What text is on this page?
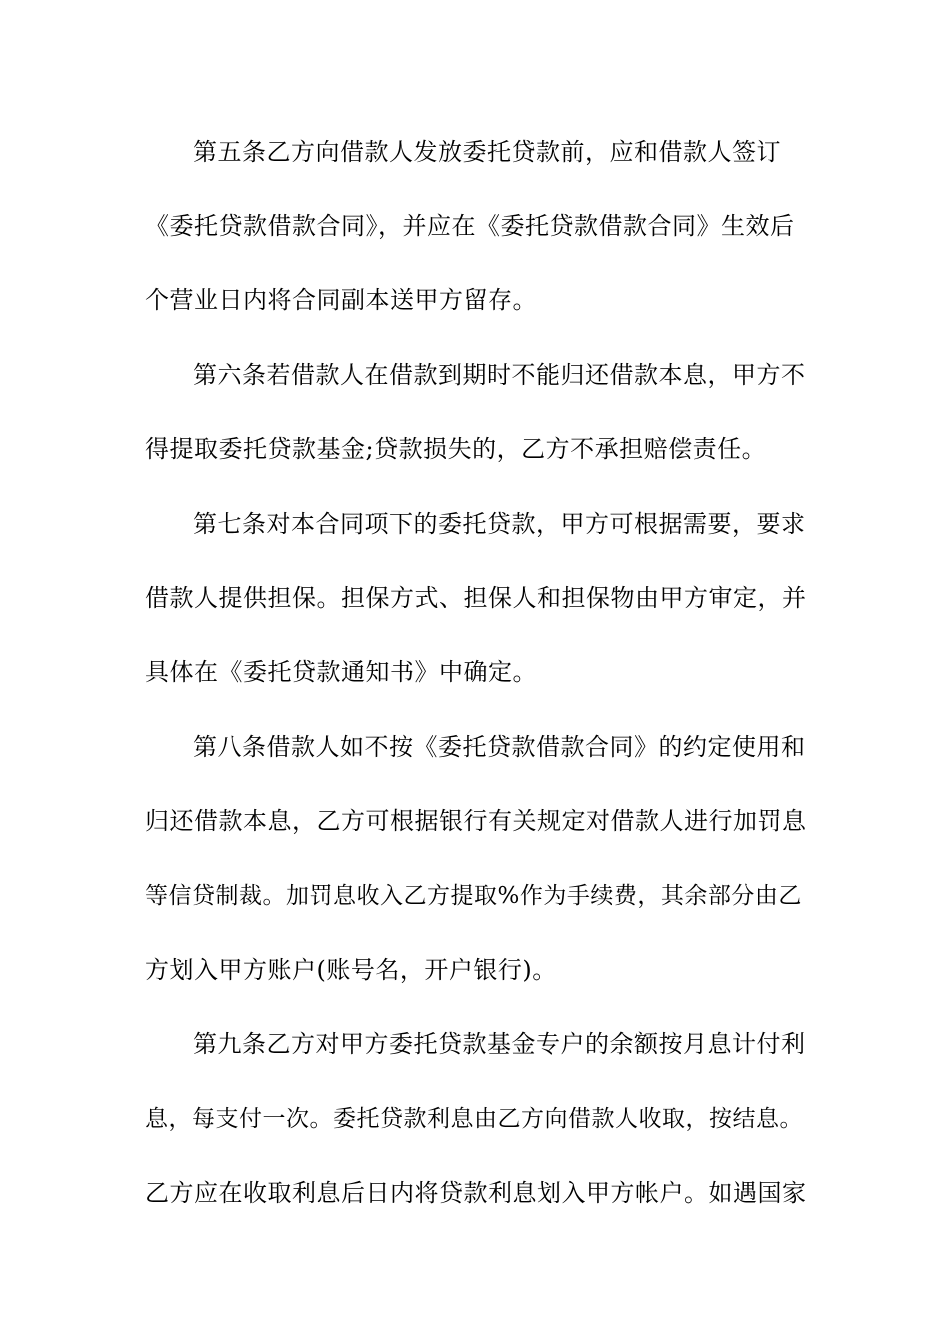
第五条乙方向借款人发放委托贷款前，应和借款人签订
《委托贷款借款合同》，并应在《委托贷款借款合同》生效后
个营业日内将合同副本送甲方留存。
第六条若借款人在借款到期时不能归还借款本息，甲方不
得提取委托贷款基金;贷款损失的，乙方不承担赔偿责任。
第七条对本合同项下的委托贷款，甲方可根据需要，要求
借款人提供担保。担保方式、担保人和担保物由甲方审定，并
具体在《委托贷款通知书》中确定。
第八条借款人如不按《委托贷款借款合同》的约定使用和
归还借款本息，乙方可根据银行有关规定对借款人进行加罚息
等信贷制裁。加罚息收入乙方提取%作为手续费，其余部分由乙
方划入甲方账户(账号名，开户银行)。
第九条乙方对甲方委托贷款基金专户的余额按月息计付利
息，每支付一次。委托贷款利息由乙方向借款人收取，按结息。
乙方应在收取利息后日内将贷款利息划入甲方帐户。如遇国家
